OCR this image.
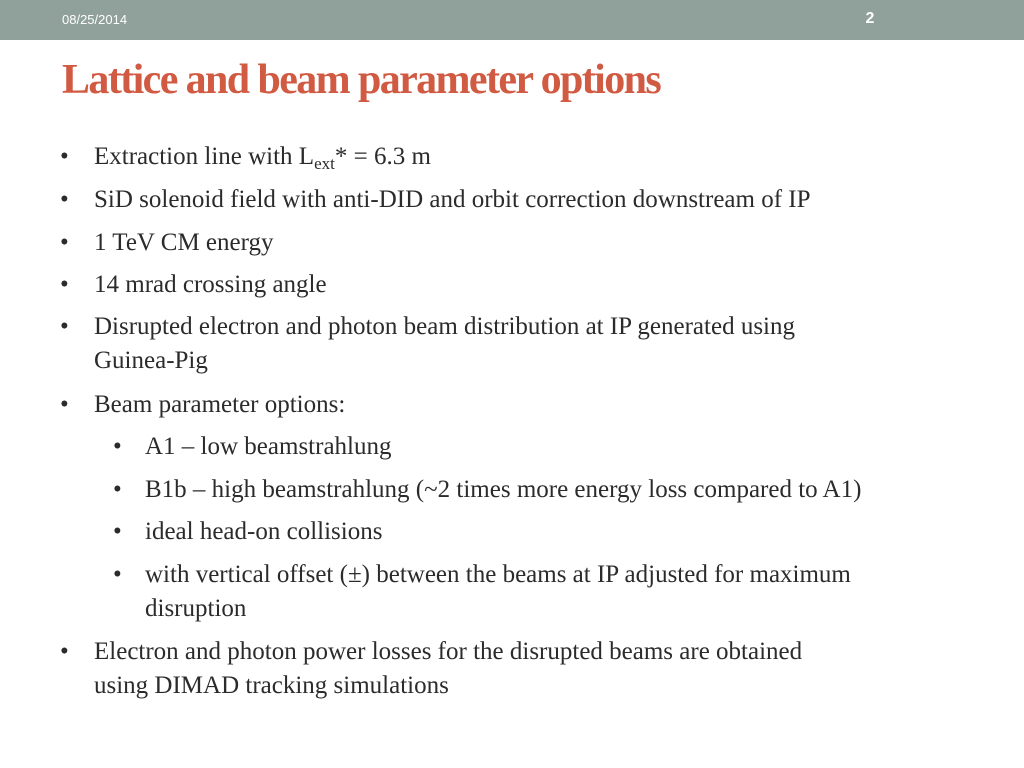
08/25/2014	2
Lattice and beam parameter options
• Extraction line with $L_{ext}* = 6.3$ m
• SiD solenoid field with anti-DID and orbit correction downstream of IP
• 1 TeV CM energy
• 14 mrad crossing angle
• Disrupted electron and photon beam distribution at IP generated using
Guinea-Pig
• Beam parameter options:
• A1 – low beamstrahlung
• B1b – high beamstrahlung (~2 times more energy loss compared to A1)
• ideal head-on collisions
• with vertical offset (±) between the beams at IP adjusted for maximum
disruption
• Electron and photon power losses for the disrupted beams are obtained
using DIMAD tracking simulations
